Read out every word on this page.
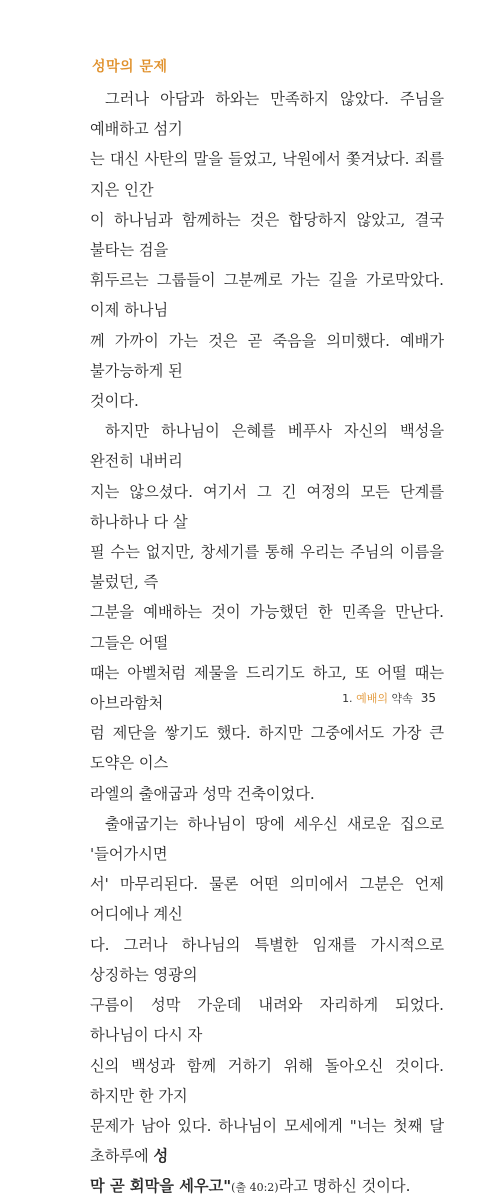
성막의 문제

그러나 아담과 하와는 만족하지 않았다. 주님을 예배하고 섬기
는 대신 사탄의 말을 들었고, 낙원에서 쫓겨났다. 죄를 지은 인간
이 하나님과 함께하는 것은 합당하지 않았고, 결국 불타는 검을
휘두르는 그룹들이 그분께로 가는 길을 가로막았다. 이제 하나님
께 가까이 가는 것은 곧 죽음을 의미했다. 예배가 불가능하게 된
것이다.

하지만 하나님이 은혜를 베푸사 자신의 백성을 완전히 내버리
지는 않으셨다. 여기서 그 긴 여정의 모든 단계를 하나하나 다 살
필 수는 없지만, 창세기를 통해 우리는 주님의 이름을 불렀던, 즉
그분을 예배하는 것이 가능했던 한 민족을 만난다. 그들은 어떨
때는 아벨처럼 제물을 드리기도 하고, 또 어떨 때는 아브라함처
럼 제단을 쌓기도 했다. 하지만 그중에서도 가장 큰 도약은 이스
라엘의 출애굽과 성막 건축이었다.

출애굽기는 하나님이 땅에 세우신 새로운 집으로 '들어가시면
서' 마무리된다. 물론 어떤 의미에서 그분은 언제 어디에나 계신
다. 그러나 하나님의 특별한 임재를 가시적으로 상징하는 영광의
구름이 성막 가운데 내려와 자리하게 되었다. 하나님이 다시 자
신의 백성과 함께 거하기 위해 돌아오신 것이다. 하지만 한 가지
문제가 남아 있다. 하나님이 모세에게 "너는 첫째 달 초하루에 성
막 곧 회막을 세우고"(출 40:2)라고 명하신 것이다.

1. 예배의 약속 35
